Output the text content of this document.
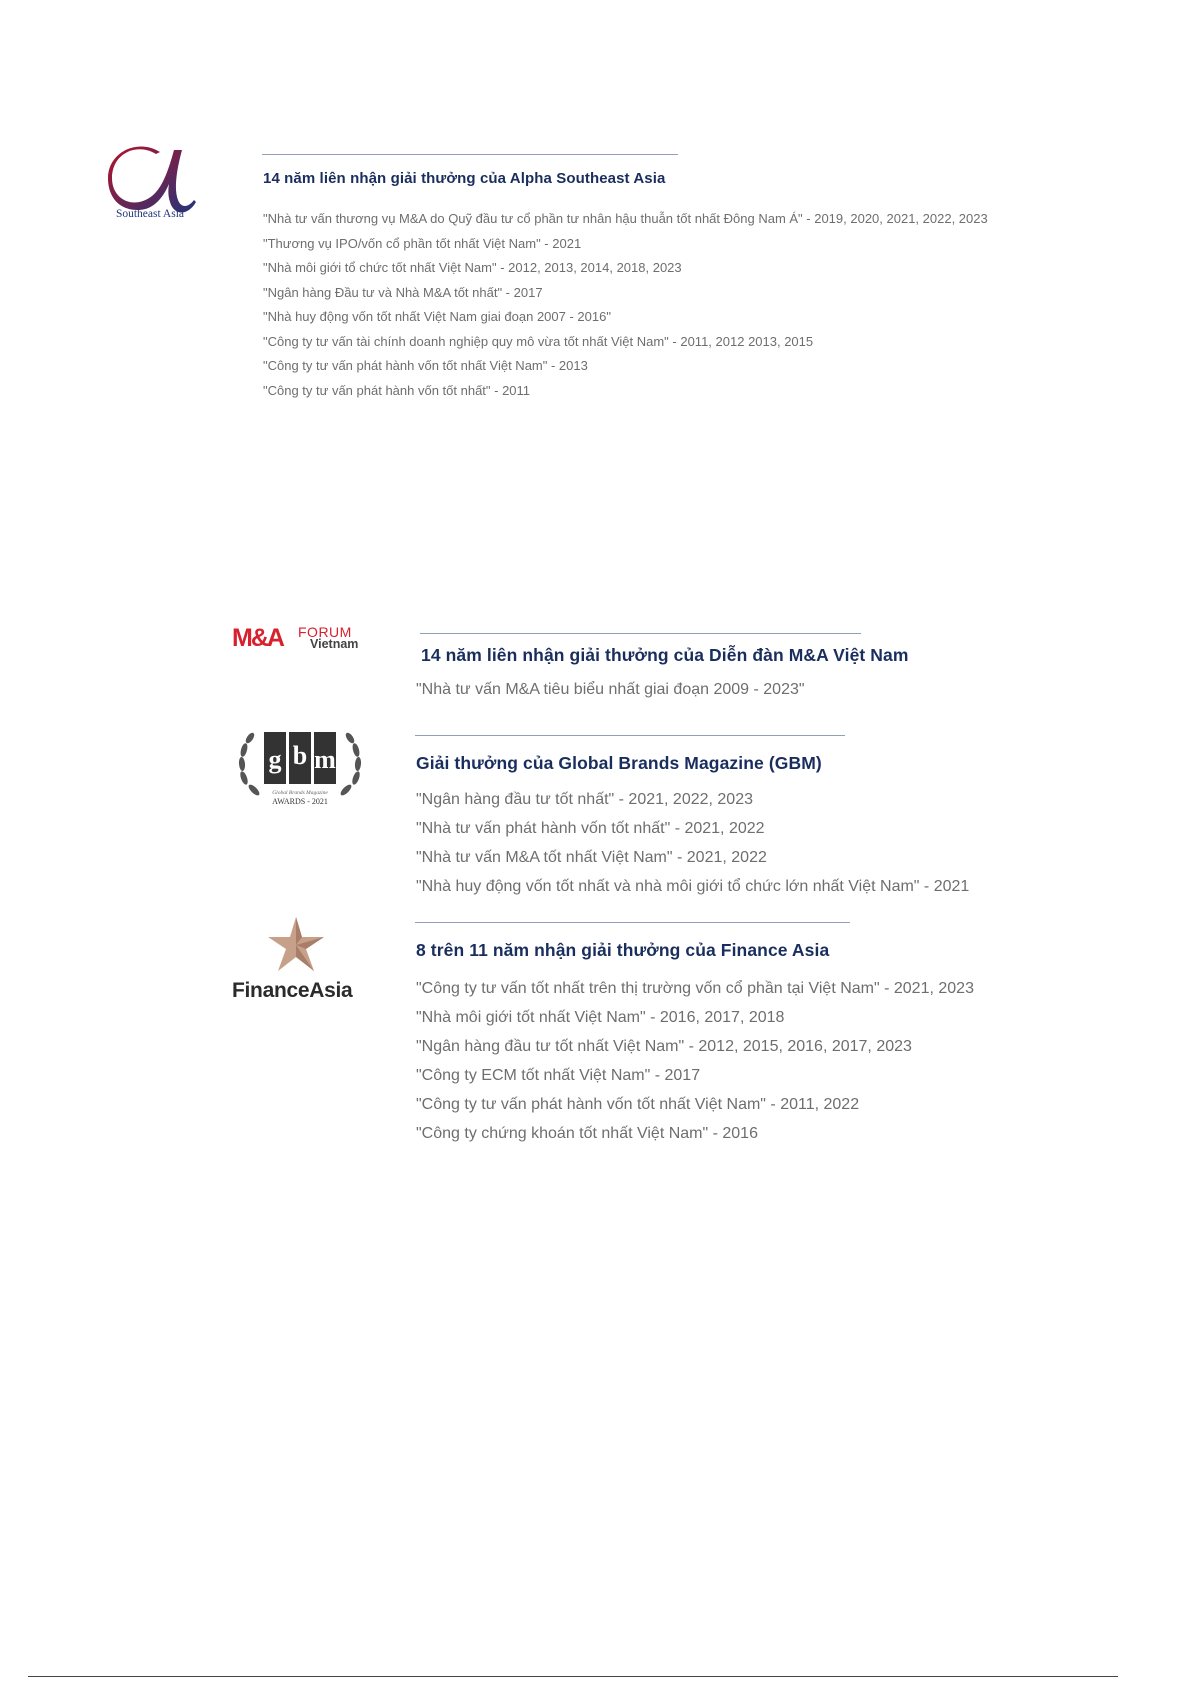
Alpha
Southeast Asia
14 năm liên nhận giải thưởng của Alpha Southeast Asia
"Nhà tư vấn thương vụ M&A do Quỹ đầu tư cổ phần tư nhân hậu thuẫn tốt nhất Đông Nam Á" - 2019, 2020, 2021, 2022, 2023
"Thương vụ IPO/vốn cổ phần tốt nhất Việt Nam" - 2021
"Nhà môi giới tổ chức tốt nhất Việt Nam" - 2012, 2013, 2014, 2018, 2023
"Ngân hàng Đầu tư và Nhà M&A tốt nhất" - 2017
"Nhà huy động vốn tốt nhất Việt Nam giai đoạn 2007 - 2016"
"Công ty tư vấn tài chính doanh nghiệp quy mô vừa tốt nhất Việt Nam" - 2011, 2012 2013, 2015
"Công ty tư vấn phát hành vốn tốt nhất Việt Nam" - 2013
"Công ty tư vấn phát hành vốn tốt nhất" - 2011
M&A FORUM
Vietnam
14 năm liên nhận giải thưởng của Diễn đàn M&A Việt Nam
"Nhà tư vấn M&A tiêu biểu nhất giai đoạn 2009 - 2023"
g b m
Global Brands Magazine
AWARDS - 2021
Giải thưởng của Global Brands Magazine (GBM)
"Ngân hàng đầu tư tốt nhất" - 2021, 2022, 2023
"Nhà tư vấn phát hành vốn tốt nhất" - 2021, 2022
"Nhà tư vấn M&A tốt nhất Việt Nam" - 2021, 2022
"Nhà huy động vốn tốt nhất và nhà môi giới tổ chức lớn nhất Việt Nam" - 2021
FinanceAsia
8 trên 11 năm nhận giải thưởng của Finance Asia
"Công ty tư vấn tốt nhất trên thị trường vốn cổ phần tại Việt Nam" - 2021, 2023
"Nhà môi giới tốt nhất Việt Nam" - 2016, 2017, 2018
"Ngân hàng đầu tư tốt nhất Việt Nam" - 2012, 2015, 2016, 2017, 2023
"Công ty ECM tốt nhất Việt Nam" - 2017
"Công ty tư vấn phát hành vốn tốt nhất Việt Nam" - 2011, 2022
"Công ty chứng khoán tốt nhất Việt Nam" - 2016
